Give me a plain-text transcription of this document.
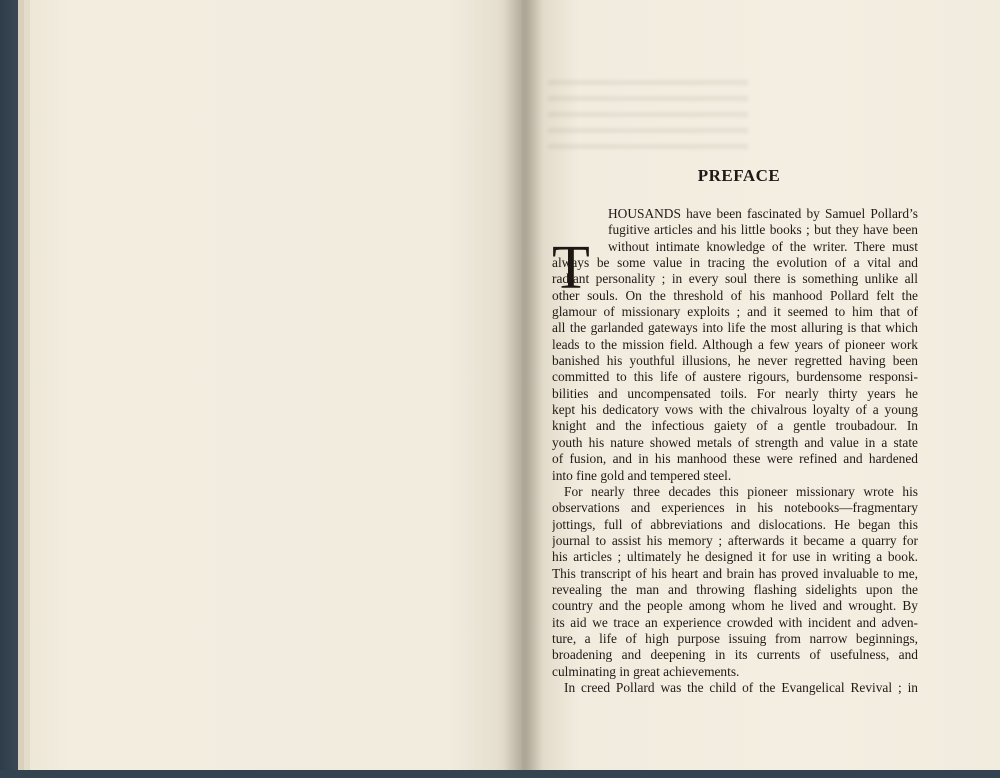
PREFACE
T
HOUSANDS have been fascinated by Samuel Pollard’s
fugitive articles and his little books ; but they have been
without intimate knowledge of the writer. There must
always be some value in tracing the evolution of a vital and
radiant personality ; in every soul there is something unlike all
other souls. On the threshold of his manhood Pollard felt the
glamour of missionary exploits ; and it seemed to him that of
all the garlanded gateways into life the most alluring is that which
leads to the mission field. Although a few years of pioneer work
banished his youthful illusions, he never regretted having been
committed to this life of austere rigours, burdensome responsi-
bilities and uncompensated toils. For nearly thirty years he
kept his dedicatory vows with the chivalrous loyalty of a young
knight and the infectious gaiety of a gentle troubadour. In
youth his nature showed metals of strength and value in a state
of fusion, and in his manhood these were refined and hardened
into fine gold and tempered steel.
For nearly three decades this pioneer missionary wrote his
observations and experiences in his notebooks—fragmentary
jottings, full of abbreviations and dislocations. He began this
journal to assist his memory ; afterwards it became a quarry for
his articles ; ultimately he designed it for use in writing a book.
This transcript of his heart and brain has proved invaluable to me,
revealing the man and throwing flashing sidelights upon the
country and the people among whom he lived and wrought. By
its aid we trace an experience crowded with incident and adven-
ture, a life of high purpose issuing from narrow beginnings,
broadening and deepening in its currents of usefulness, and
culminating in great achievements.
In creed Pollard was the child of the Evangelical Revival ; in
